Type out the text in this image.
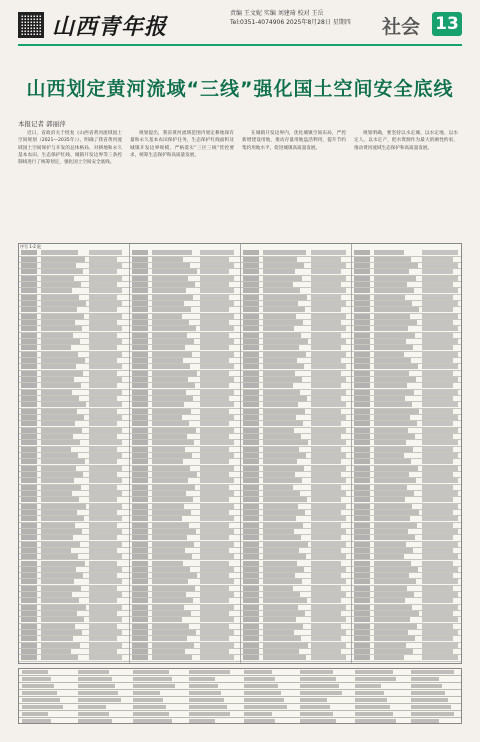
山西青年报
责编 王文妮 实编 刘建琦 校对 王岳
Tel:0351-4074906 2025年8月28日 星期四 社会 13
山西划定黄河流域“三线”强化国土空间安全底线
本报记者 郭丽萍

近日，省政府关于批复《山西省黄河流域国土空间规划（2021—2035年）》，明确了我省黄河流域国土空间保护与开发的总体格局，对耕地和永久基本农田、生态保护红线、城镇开发边界等三条控制线进行了统筹划定，强化国土空间安全底线。

规划提出，我省黄河流域范围内划定耕地保有量和永久基本农田保护任务，生态保护红线面积及城镇开发边界规模，严格落实“三区三线”管控要求，统筹生态保护和高质量发展。

在城镇开发边界内，优化城镇空间布局，严控新增建设用地，推动存量用地盘活利用，提升节约集约用地水平，促进城镇高质量发展。

规划明确，要坚持以水定城、以水定地、以水定人、以水定产，把水资源作为最大的刚性约束，推动黄河流域生态保护和高质量发展。

序号 1-2 批
